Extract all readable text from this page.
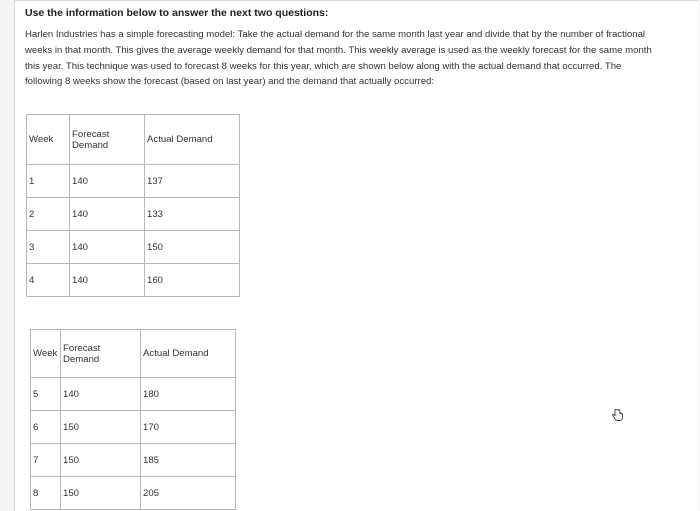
Use the information below to answer the next two questions:
Harlen Industries has a simple forecasting model: Take the actual demand for the same month last year and divide that by the number of fractional weeks in that month. This gives the average weekly demand for that month. This weekly average is used as the weekly forecast for the same month this year. This technique was used to forecast 8 weeks for this year, which are shown below along with the actual demand that occurred. The following 8 weeks show the forecast (based on last year) and the demand that actually occurred:
Week	Forecast Demand	Actual Demand
1	140	137
2	140	133
3	140	150
4	140	160
Week	Forecast Demand	Actual Demand
5	140	180
6	150	170
7	150	185
8	150	205
